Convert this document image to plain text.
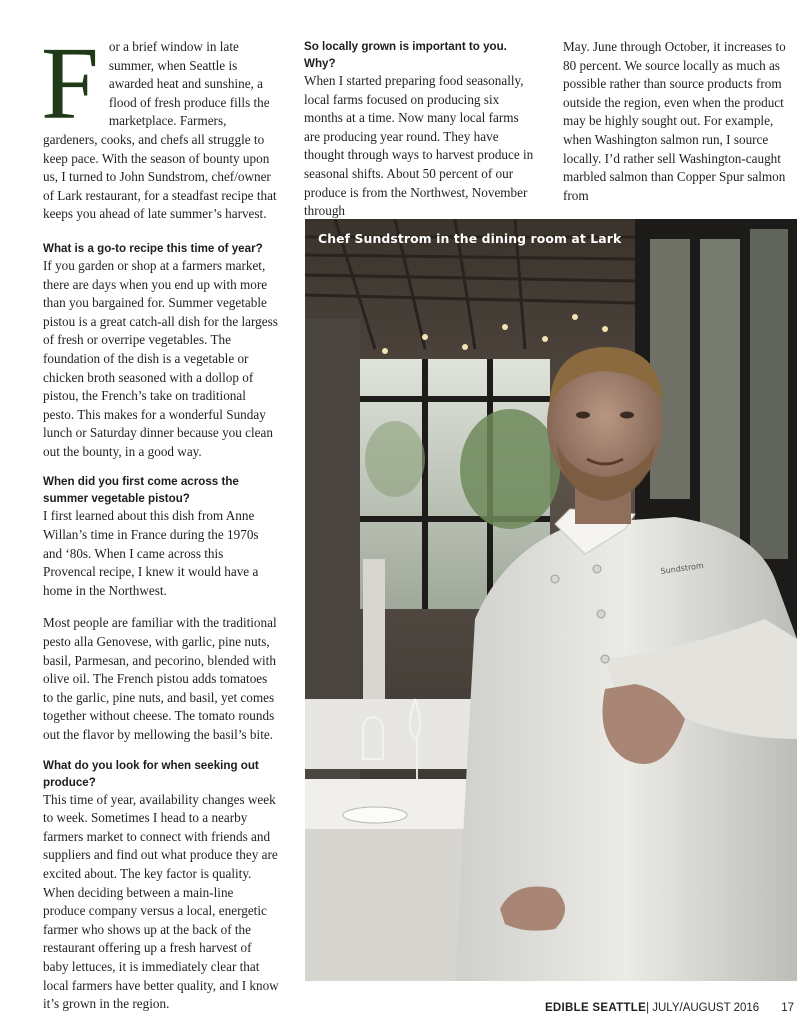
F or a brief window in late summer, when Seattle is awarded heat and sunshine, a flood of fresh produce fills the marketplace. Farmers, gardeners, cooks, and chefs all struggle to keep pace. With the season of bounty upon us, I turned to John Sundstrom, chef/owner of Lark restaurant, for a steadfast recipe that keeps you ahead of late summer’s harvest.
What is a go-to recipe this time of year?

If you garden or shop at a farmers market, there are days when you end up with more than you bargained for. Summer vegetable pistou is a great catch-all dish for the largess of fresh or overripe vegetables. The foundation of the dish is a vegetable or chicken broth seasoned with a dollop of pistou, the French’s take on traditional pesto. This makes for a wonderful Sunday lunch or Saturday dinner because you clean out the bounty, in a good way.

When did you first come across the summer vegetable pistou?

I first learned about this dish from Anne Willan’s time in France during the 1970s and ‘80s. When I came across this Provencal recipe, I knew it would have a home in the Northwest.

Most people are familiar with the traditional pesto alla Genovese, with garlic, pine nuts, basil, Parmesan, and pecorino, blended with olive oil. The French pistou adds tomatoes to the garlic, pine nuts, and basil, yet comes together without cheese. The tomato rounds out the flavor by mellowing the basil’s bite.

What do you look for when seeking out produce?

This time of year, availability changes week to week. Sometimes I head to a nearby farmers market to connect with friends and suppliers and find out what produce they are excited about. The key factor is quality. When deciding between a main-line produce company versus a local, energetic farmer who shows up at the back of the restaurant offering up a fresh harvest of baby lettuces, it is immediately clear that local farmers have better quality, and I know it’s grown in the region.

So locally grown is important to you. Why?

When I started preparing food seasonally, local farms focused on producing six months at a time. Now many local farms are producing year round. They have thought through ways to harvest produce in seasonal shifts. About 50 percent of our produce is from the Northwest, November through

May. June through October, it increases to 80 percent. We source locally as much as possible rather than source products from outside the region, even when the product may be highly sought out. For example, when Washington salmon run, I source locally. I’d rather sell Washington-caught marbled salmon than Copper Spur salmon from

Sundstrom
Chef Sundstrom in the dining room at Lark
EDIBLE SEATTLE | JULY/AUGUST 2016 17
